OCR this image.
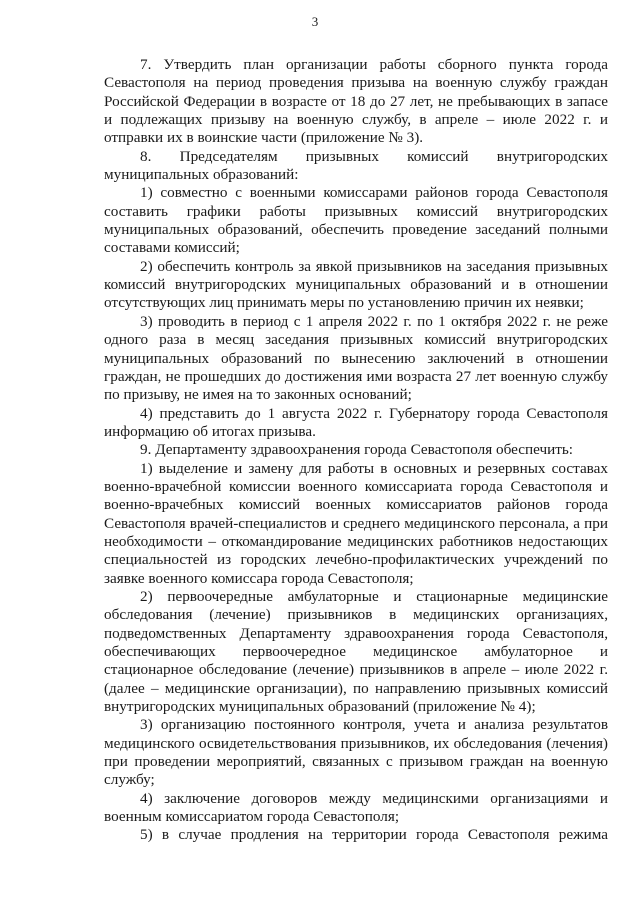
3

7. Утвердить план организации работы сборного пункта города Севастополя на период проведения призыва на военную службу граждан Российской Федерации в возрасте от 18 до 27 лет, не пребывающих в запасе и подлежащих призыву на военную службу, в апреле – июле 2022 г. и отправки их в воинские части (приложение № 3).

8. Председателям призывных комиссий внутригородских муниципальных образований:

1) совместно с военными комиссарами районов города Севастополя составить графики работы призывных комиссий внутригородских муниципальных образований, обеспечить проведение заседаний полными составами комиссий;

2) обеспечить контроль за явкой призывников на заседания призывных комиссий внутригородских муниципальных образований и в отношении отсутствующих лиц принимать меры по установлению причин их неявки;

3) проводить в период с 1 апреля 2022 г. по 1 октября 2022 г. не реже одного раза в месяц заседания призывных комиссий внутригородских муниципальных образований по вынесению заключений в отношении граждан, не прошедших до достижения ими возраста 27 лет военную службу по призыву, не имея на то законных оснований;

4) представить до 1 августа 2022 г. Губернатору города Севастополя информацию об итогах призыва.

9. Департаменту здравоохранения города Севастополя обеспечить:

1) выделение и замену для работы в основных и резервных составах военно-врачебной комиссии военного комиссариата города Севастополя и военно-врачебных комиссий военных комиссариатов районов города Севастополя врачей-специалистов и среднего медицинского персонала, а при необходимости – откомандирование медицинских работников недостающих специальностей из городских лечебно-профилактических учреждений по заявке военного комиссара города Севастополя;

2) первоочередные амбулаторные и стационарные медицинские обследования (лечение) призывников в медицинских организациях, подведомственных Департаменту здравоохранения города Севастополя, обеспечивающих первоочередное медицинское амбулаторное и стационарное обследование (лечение) призывников в апреле – июле 2022 г. (далее – медицинские организации), по направлению призывных комиссий внутригородских муниципальных образований (приложение № 4);

3) организацию постоянного контроля, учета и анализа результатов медицинского освидетельствования призывников, их обследования (лечения) при проведении мероприятий, связанных с призывом граждан на военную службу;

4) заключение договоров между медицинскими организациями и военным комиссариатом города Севастополя;

5) в случае продления на территории города Севастополя режима
